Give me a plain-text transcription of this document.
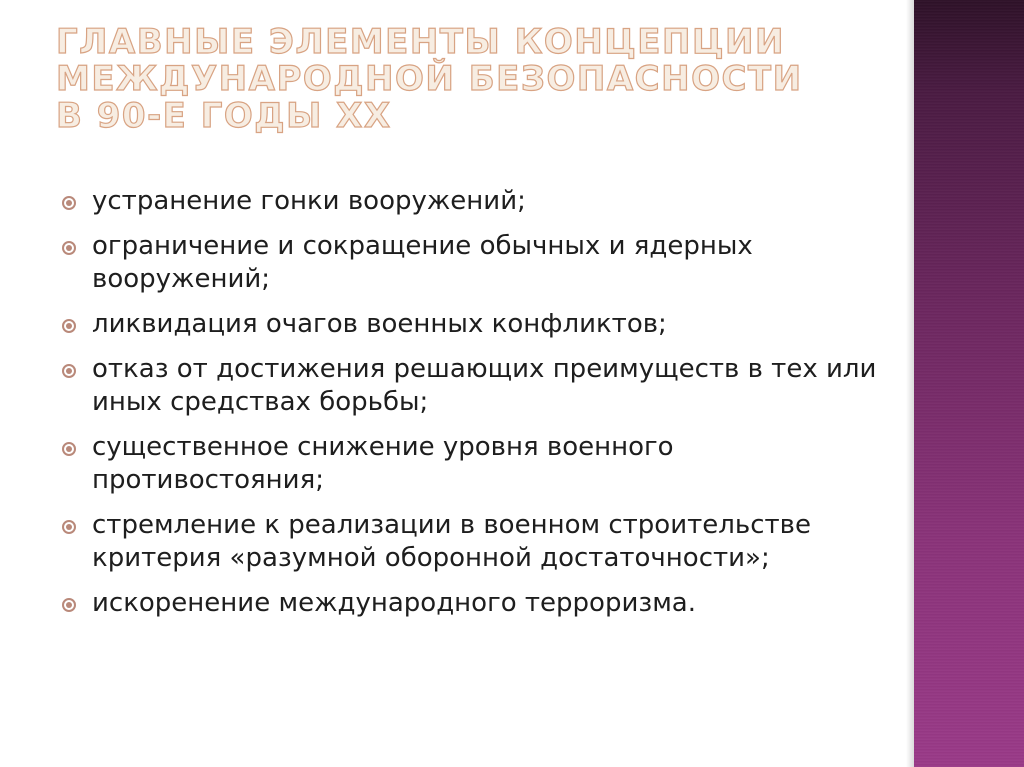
ГЛАВНЫЕ ЭЛЕМЕНТЫ КОНЦЕПЦИИ
МЕЖДУНАРОДНОЙ БЕЗОПАСНОСТИ
В 90-Е ГОДЫ ХХ
устранение гонки вооружений;
ограничение и сокращение обычных и ядерных вооружений;
ликвидация очагов военных конфликтов;
отказ от достижения решающих преимуществ в тех или иных средствах борьбы;
существенное снижение уровня военного противостояния;
стремление к реализации в военном строительстве критерия «разумной оборонной достаточности»;
искоренение международного терроризма.
